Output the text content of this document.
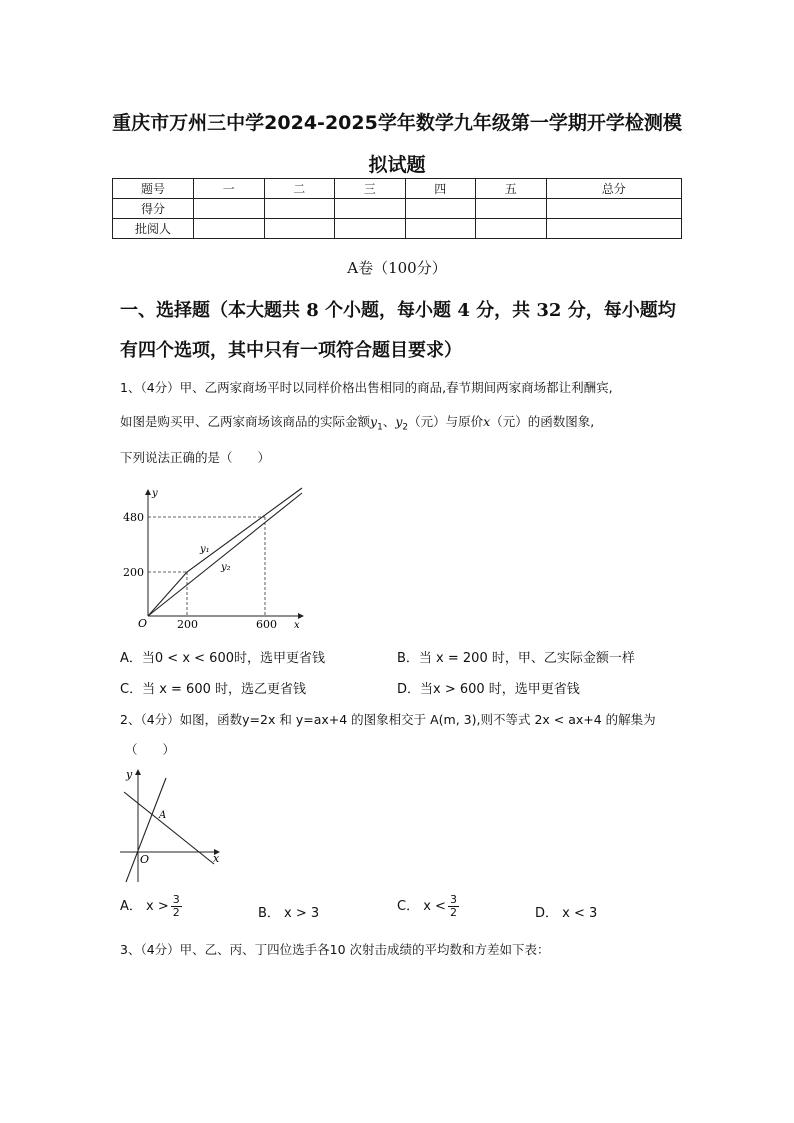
重庆市万州三中学2024-2025学年数学九年级第一学期开学检测模
拟试题
题号	一	二	三	四	五	总分
得分						
批阅人						
A卷（100分）
一、选择题（本大题共 8 个小题，每小题 4 分，共 32 分，每小题均
有四个选项，其中只有一项符合题目要求）
1、（4分）甲、乙两家商场平时以同样价格出售相同的商品,春节期间两家商场都让利酬宾,
如图是购买甲、乙两家商场该商品的实际金额$y_1$、$y_2$（元）与原价x（元）的函数图象,
下列说法正确的是（　　）
y
x
O
480
200
200	600
y₁
y₂
A．当0 < x < 600时，选甲更省钱	B．当 x = 200 时，甲、乙实际金额一样
C．当 x = 600 时，选乙更省钱	D．当x > 600 时，选甲更省钱
2、（4分）如图，函数y=2x 和 y=ax+4 的图象相交于 A(m, 3),则不等式 2x < ax+4 的解集为
（　　）
y
x
O
A
A． $x > \frac{3}{2}$	B． x > 3	C． $x < \frac{3}{2}$	D． x < 3
3、（4分）甲、乙、丙、丁四位选手各10 次射击成绩的平均数和方差如下表：
